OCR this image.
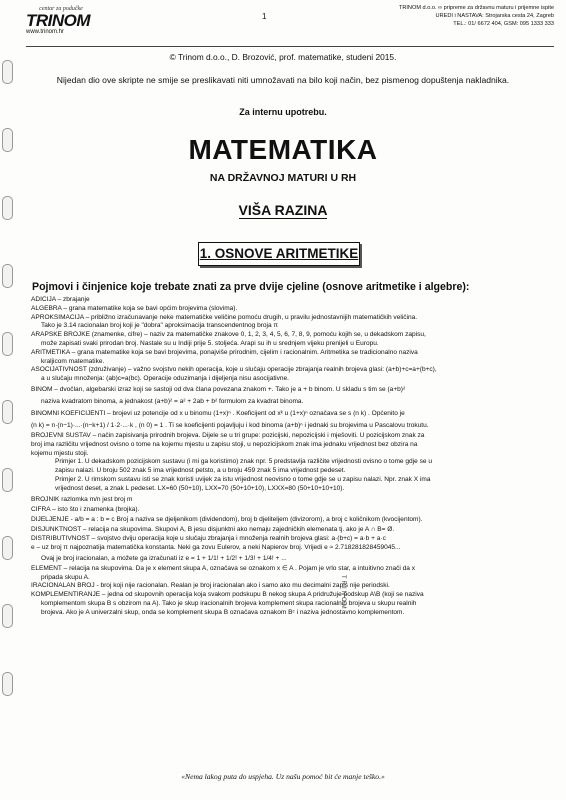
centar za podučke
TRINOM
www.trinom.hr
1
TRINOM d.o.o. ∞ pripreme za državnu maturu i prijemne ispite
UREDI i NASTAVA: Strojarska cesta 24, Zagreb
TEL.: 01/ 6672 404, GSM: 095 1333 333
© Trinom d.o.o., D. Brozović, prof. matematike, studeni 2015.
Nijedan dio ove skripte ne smije se preslikavati niti umnožavati na bilo koji način, bez pismenog dopuštenja nakladnika.
Za internu upotrebu.
MATEMATIKA
NA DRŽAVNOJ MATURI U RH
VIŠA RAZINA
1. OSNOVE ARITMETIKE
Pojmovi i činjenice koje trebate znati za prve dvije cjeline (osnove aritmetike i algebre):

ADICIJA – zbrajanje

ALGEBRA – grana matematike koja se bavi općim brojevima (slovima).

APROKSIMACIJA – približno izračunavanje neke matematičke veličine pomoću drugih, u pravilu jednostavnijih matematičkih veličina.

Tako je 3.14 racionalan broj koji je "dobra" aproksimacija transcendentnog broja π

ARAPSKE BROJKE (znamenke, cifre) – naziv za matematičke znakove 0, 1, 2, 3, 4, 5, 6, 7, 8, 9, pomoću kojih se, u dekadskom zapisu,

može zapisati svaki prirodan broj. Nastale su u Indiji prije 5. stoljeća. Arapi su ih u srednjem vijeku prenijeli u Europu.

ARITMETIKA – grana matematike koja se bavi brojevima, ponajviše prirodnim, cijelim i racionalnim. Aritmetika se tradicionalno naziva

kraljicom matematike.

ASOCIJATIVNOST (združivanje) – važno svojstvo nekih operacija, koje u slučaju operacije zbrajanja realnih brojeva glasi: (a+b)+c=a+(b+c),

a u slučaju množenja: (ab)c=a(bc). Operacije oduzimanja i dijeljenja nisu asocijativne.

BINOM – dvočlan, algebarski izraz koji se sastoji od dva člana povezana znakom +. Tako je a + b binom. U skladu s tim se (a+b)²

naziva kvadratom binoma, a jednakost (a+b)² = a² + 2ab + b² formulom za kvadrat binoma.

BINOMNI KOEFICIJENTI – brojevi uz potencije od x u binomu (1+x)ⁿ . Koeficijent od xᵏ u (1+x)ⁿ označava se s (n k) . Općenito je

(n k) = n·(n−1)·...·(n−k+1) / 1·2·...·k , (n 0) = 1 . Ti se koeficijenti pojavljuju i kod binoma (a+b)ⁿ i jednaki su brojevima u Pascalovu trokutu.

BROJEVNI SUSTAV – način zapisivanja prirodnih brojeva. Dijele se u tri grupe: pozicijski, nepozicijski i mješoviti. U pozicijskom znak za

broj ima različitu vrijednost ovisno o tome na kojemu mjestu u zapisu stoji, u nepozicijskom znak ima jednaku vrijednost bez obzira na

kojemu mjestu stoji.

Primjer 1. U dekadskom pozicijskom sustavu (i mi ga koristimo) znak npr. 5 predstavlja različite vrijednosti ovisno o tome gdje se u

zapisu nalazi. U broju 502 znak 5 ima vrijednost petsto, a u broju 459 znak 5 ima vrijednost pedeset.

Primjer 2. U rimskom sustavu isti se znak koristi uvijek za istu vrijednost neovisno o tome gdje se u zapisu nalazi. Npr. znak X ima

vrijednost deset, a znak L pedeset. LX=60 (50+10), LXX=70 (50+10+10), LXXX=80 (50+10+10+10).

BROJNIK razlomka m/n jest broj m

CIFRA – isto što i znamenka (brojka).

DIJELJENJE - a/b = a : b = c Broj a naziva se djeljenikom (dividendom), broj b djeliteljem (divizorom), a broj c količnikom (kvocijentom).

DISJUNKTNOST – relacija na skupovima. Skupovi A, B jesu disjunktni ako nemaju zajedničkih elemenata tj. ako je A ∩ B= Ø.

DISTRIBUTIVNOST – svojstvo dviju operacija koje u slučaju zbrajanja i množenja realnih brojeva glasi: a·(b+c) = a·b + a·c

e – uz broj π najpoznatija matematička konstanta. Neki ga zovu Eulerov, a neki Napierov broj. Vrijedi e ≈ 2.718281828459045...

Ovaj je broj iracionalan, a možete ga izračunati iz e = 1 + 1/1! + 1/2! + 1/3! + 1/4! + ...

ELEMENT – relacija na skupovima. Da je x element skupa A, označava se oznakom x ∈ A . Pojam je vrlo star, a intuitivno znači da x

pripada skupu A.

IRACIONALAN BROJ - broj koji nije racionalan. Realan je broj iracionalan ako i samo ako mu decimalni zapis nije periodski.

KOMPLEMENTIRANJE – jedna od skupovnih operacija koja svakom podskupu B nekog skupa A pridružuje podskup A\B (koji se naziva

komplementom skupa B s obzirom na A). Tako je skup iracionalnih brojeva komplement skupa racionalnih brojeva u skupu realnih

brojeva. Ako je A univerzalni skup, onda se komplement skupa B označava oznakom Bᶜ i naziva jednostavno komplementom.

TRINOM
«Nema lakog puta do uspjeha. Uz našu pomoć bit će manje teško.»
